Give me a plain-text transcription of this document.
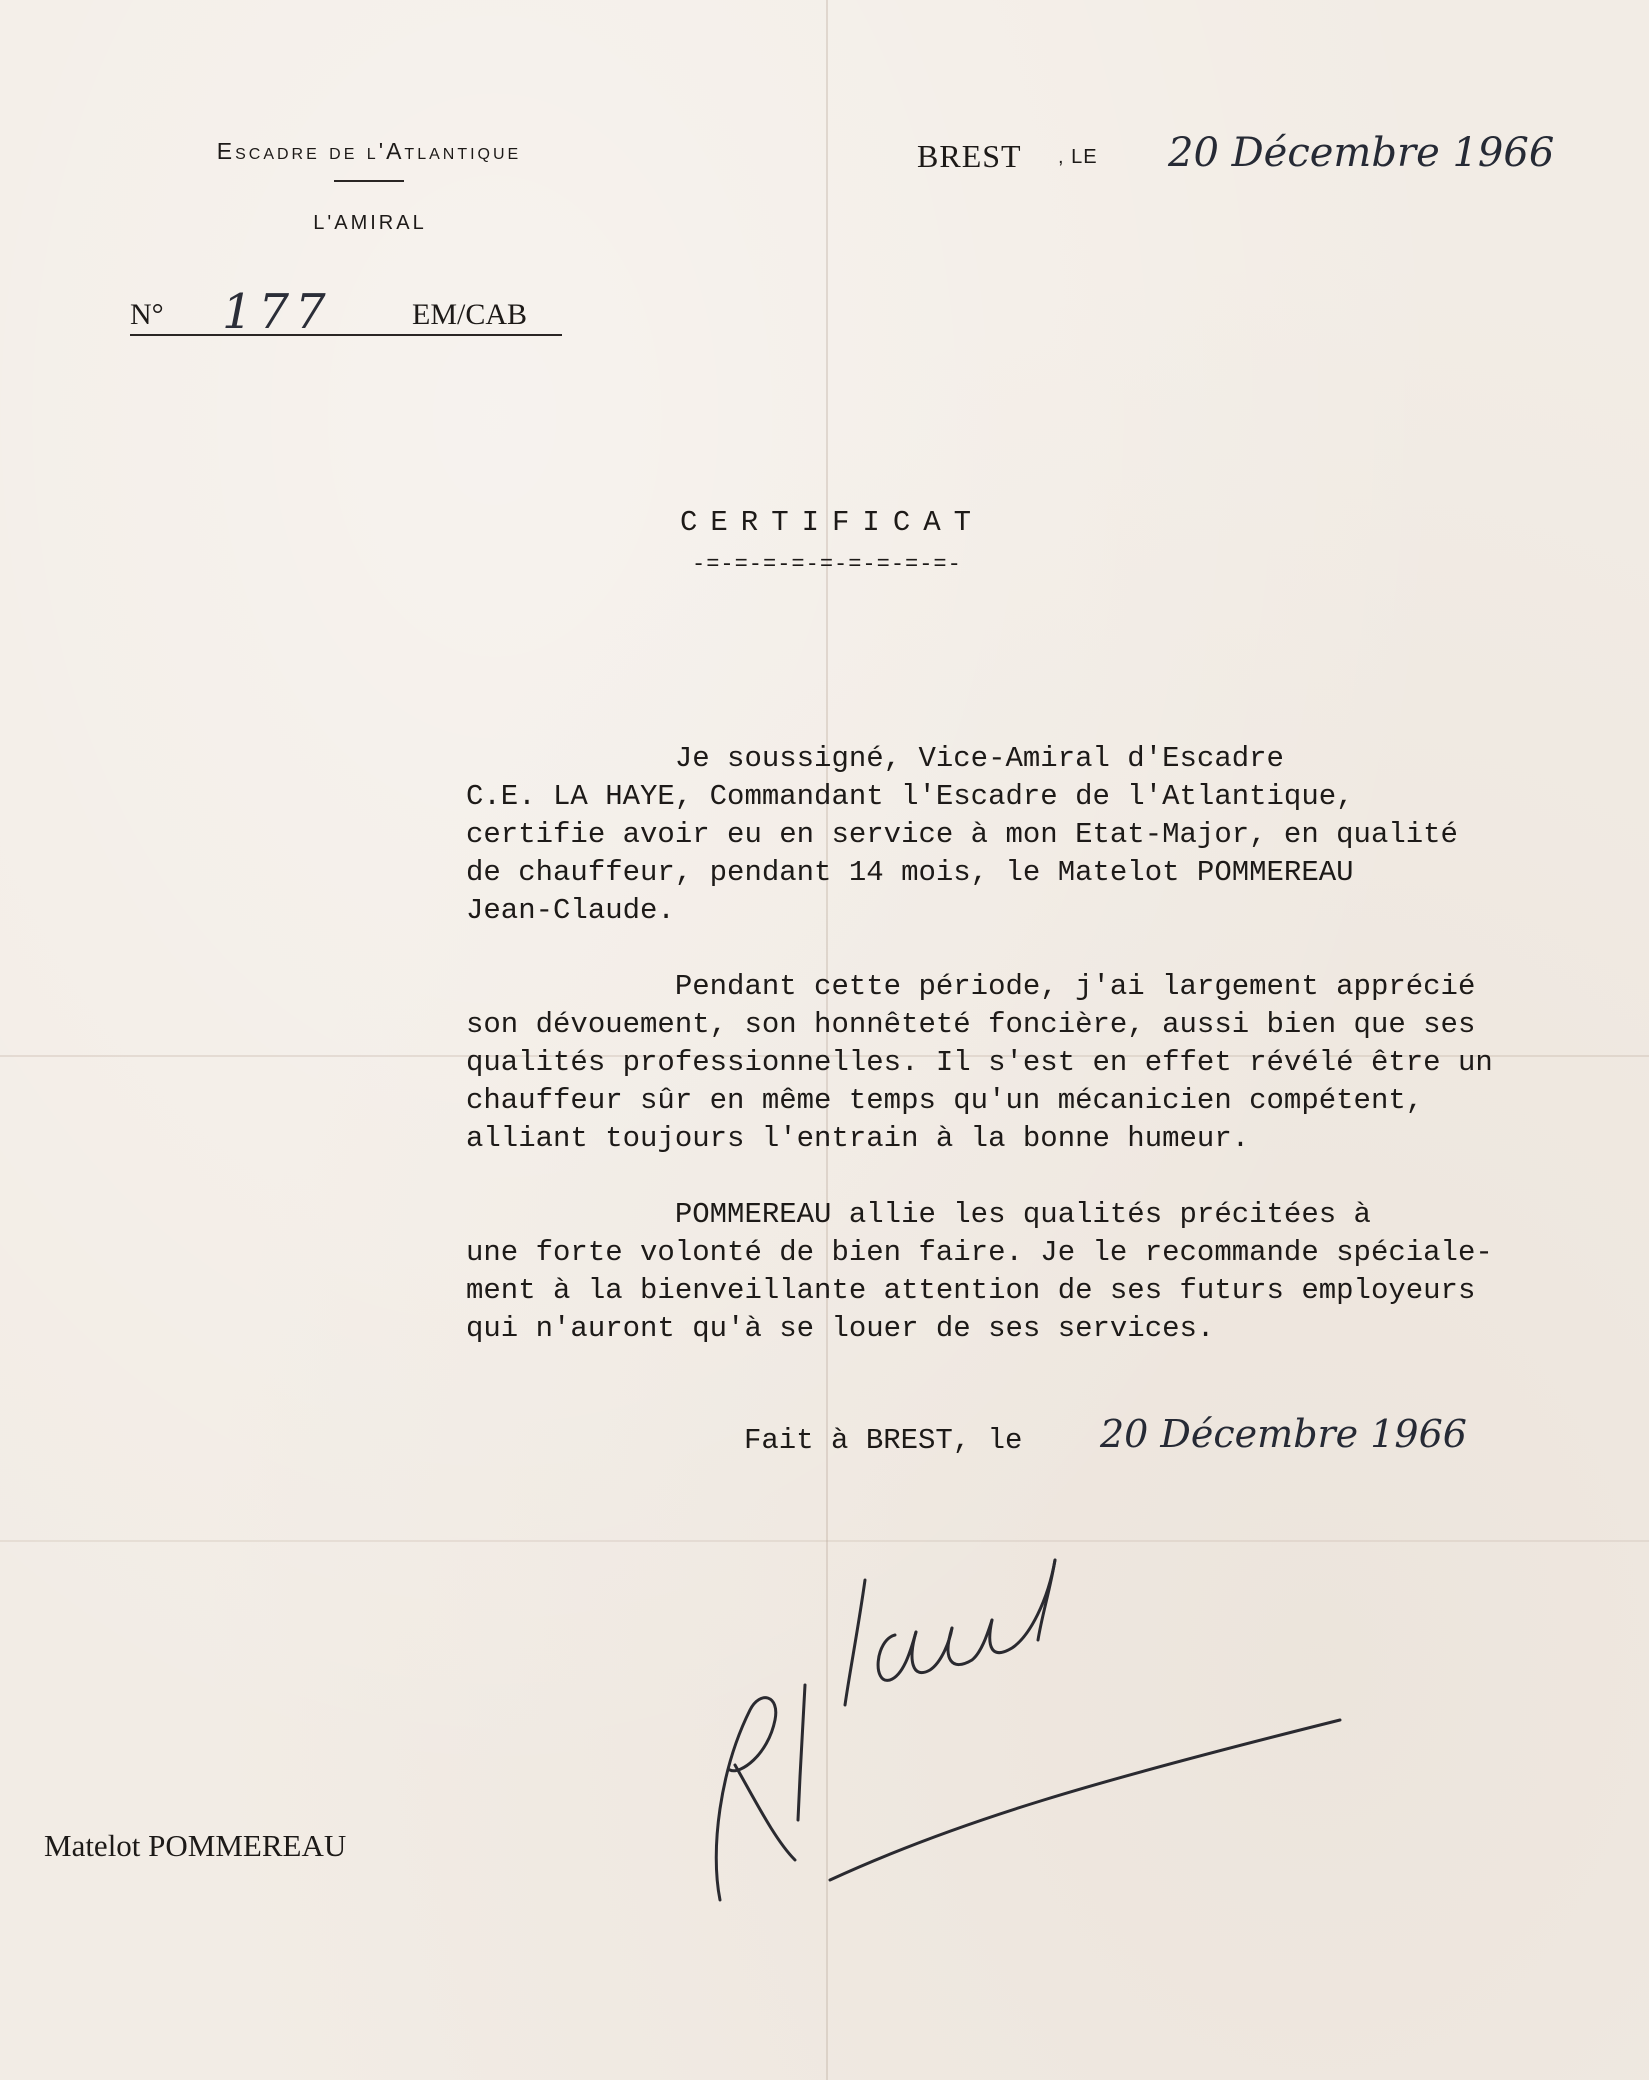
Escadre de l'Atlantique
L'AMIRAL
N° 177	EM/CAB
BREST , LE 20 Décembre 1966
CERTIFICAT
-=-=-=-=-=-=-=-=-=-
Je soussigné, Vice-Amiral d'Escadre
C.E. LA HAYE, Commandant l'Escadre de l'Atlantique,
certifie avoir eu en service à mon Etat-Major, en qualité
de chauffeur, pendant 14 mois, le Matelot POMMEREAU
Jean-Claude.
Pendant cette période, j'ai largement apprécié
son dévouement, son honnêteté foncière, aussi bien que ses
qualités professionnelles. Il s'est en effet révélé être un
chauffeur sûr en même temps qu'un mécanicien compétent,
alliant toujours l'entrain à la bonne humeur.
POMMEREAU allie les qualités précitées à
une forte volonté de bien faire. Je le recommande spéciale-
ment à la bienveillante attention de ses futurs employeurs
qui n'auront qu'à se louer de ses services.
Fait à BREST, le 20 Décembre 1966
Matelot POMMEREAU
